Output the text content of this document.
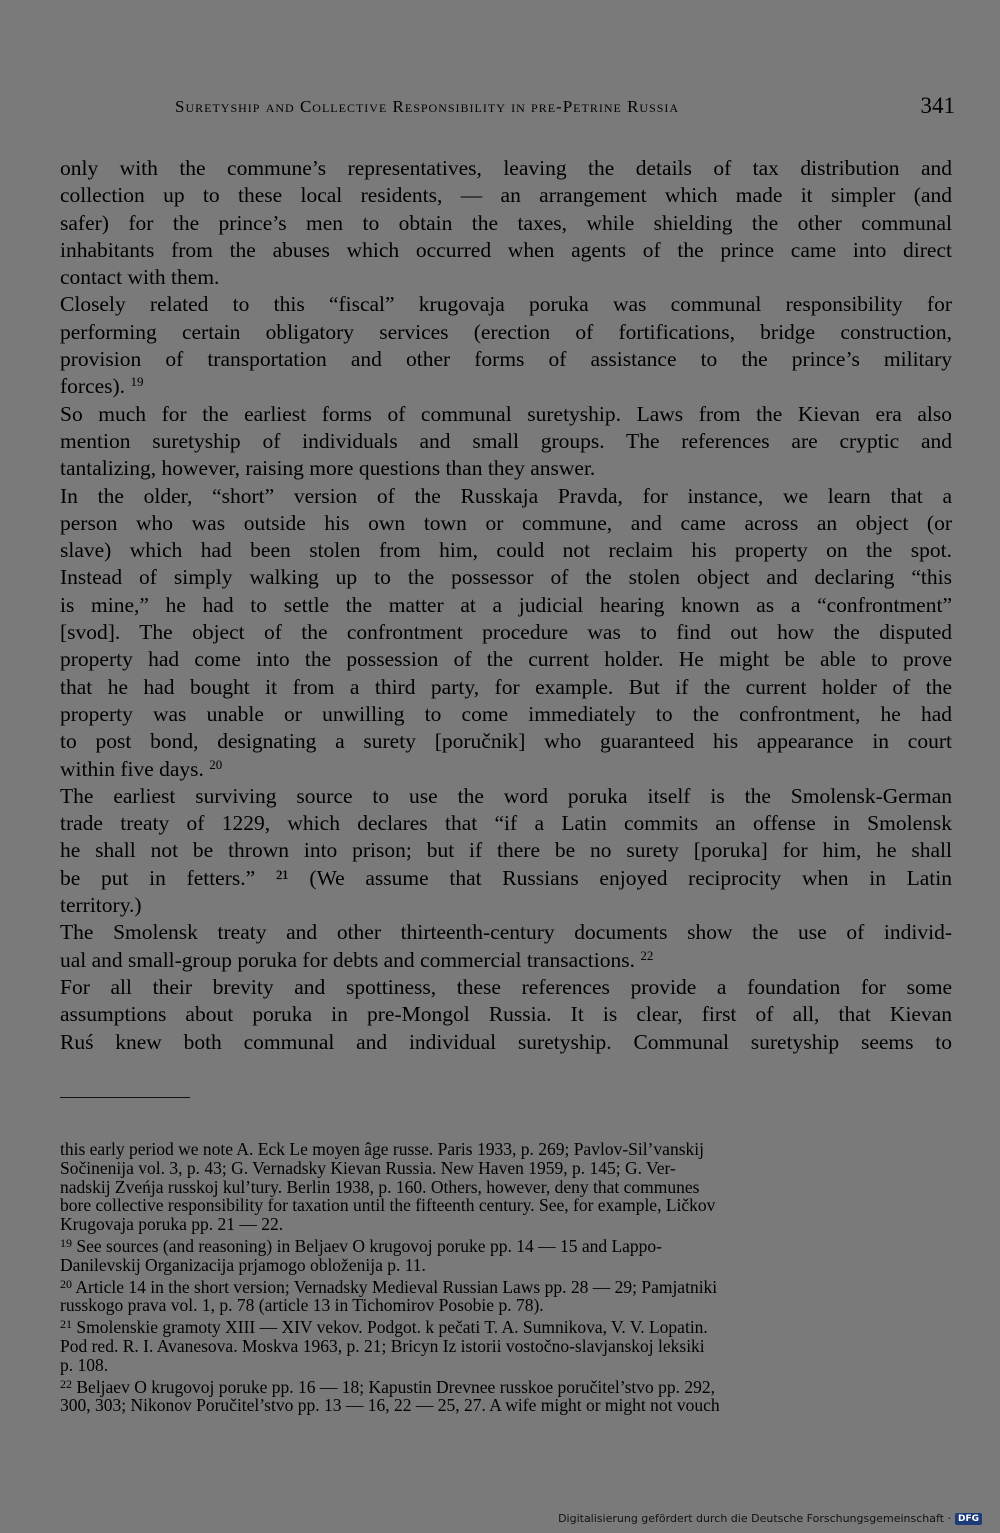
Suretyship and Collective Responsibility in pre-Petrine Russia	341
only with the commune’s representatives, leaving the details of tax distribution and
collection up to these local residents, — an arrangement which made it simpler (and
safer) for the prince’s men to obtain the taxes, while shielding the other communal
inhabitants from the abuses which occurred when agents of the prince came into direct
contact with them.
Closely related to this “fiscal” krugovaja poruka was communal responsibility for
performing certain obligatory services (erection of fortifications, bridge construction,
provision of transportation and other forms of assistance to the prince’s military
forces). $^{19}$
So much for the earliest forms of communal suretyship. Laws from the Kievan era also
mention suretyship of individuals and small groups. The references are cryptic and
tantalizing, however, raising more questions than they answer.
In the older, “short” version of the Russkaja Pravda, for instance, we learn that a
person who was outside his own town or commune, and came across an object (or
slave) which had been stolen from him, could not reclaim his property on the spot.
Instead of simply walking up to the possessor of the stolen object and declaring “this
is mine,” he had to settle the matter at a judicial hearing known as a “confrontment”
[svod]. The object of the confrontment procedure was to find out how the disputed
property had come into the possession of the current holder. He might be able to prove
that he had bought it from a third party, for example. But if the current holder of the
property was unable or unwilling to come immediately to the confrontment, he had
to post bond, designating a surety [poručnik] who guaranteed his appearance in court
within five days. $^{20}$
The earliest surviving source to use the word poruka itself is the Smolensk-German
trade treaty of 1229, which declares that “if a Latin commits an offense in Smolensk
he shall not be thrown into prison; but if there be no surety [poruka] for him, he shall
be put in fetters.” ²¹ (We assume that Russians enjoyed reciprocity when in Latin
territory.)
The Smolensk treaty and other thirteenth-century documents show the use of individ-
ual and small-group poruka for debts and commercial transactions. $^{22}$
For all their brevity and spottiness, these references provide a foundation for some
assumptions about poruka in pre-Mongol Russia. It is clear, first of all, that Kievan
Ruś knew both communal and individual suretyship. Communal suretyship seems to
this early period we note A. Eck Le moyen âge russe. Paris 1933, p. 269; Pavlov-Sil’vanskij
Sočinenija vol. 3, p. 43; G. Vernadsky Kievan Russia. New Haven 1959, p. 145; G. Ver-
nadskij Zveńja russkoj kul’tury. Berlin 1938, p. 160. Others, however, deny that communes
bore collective responsibility for taxation until the fifteenth century. See, for example, Ličkov
Krugovaja poruka pp. 21 — 22.
$^{19}$ See sources (and reasoning) in Beljaev O krugovoj poruke pp. 14 — 15 and Lappo-
Danilevskij Organizacija prjamogo obloženija p. 11.
$^{20}$ Article 14 in the short version; Vernadsky Medieval Russian Laws pp. 28 — 29; Pamjatniki
russkogo prava vol. 1, p. 78 (article 13 in Tichomirov Posobie p. 78).
$^{21}$ Smolenskie gramoty XIII — XIV vekov. Podgot. k pečati T. A. Sumnikova, V. V. Lopatin.
Pod red. R. I. Avanesova. Moskva 1963, p. 21; Bricyn Iz istorii vostočno-slavjanskoj leksiki
p. 108.
$^{22}$ Beljaev O krugovoj poruke pp. 16 — 18; Kapustin Drevnee russkoe poručitel’stvo pp. 292,
300, 303; Nikonov Poručitel’stvo pp. 13 — 16, 22 — 25, 27. A wife might or might not vouch
Digitalisierung gefördert durch die Deutsche Forschungsgemeinschaft · DFG
